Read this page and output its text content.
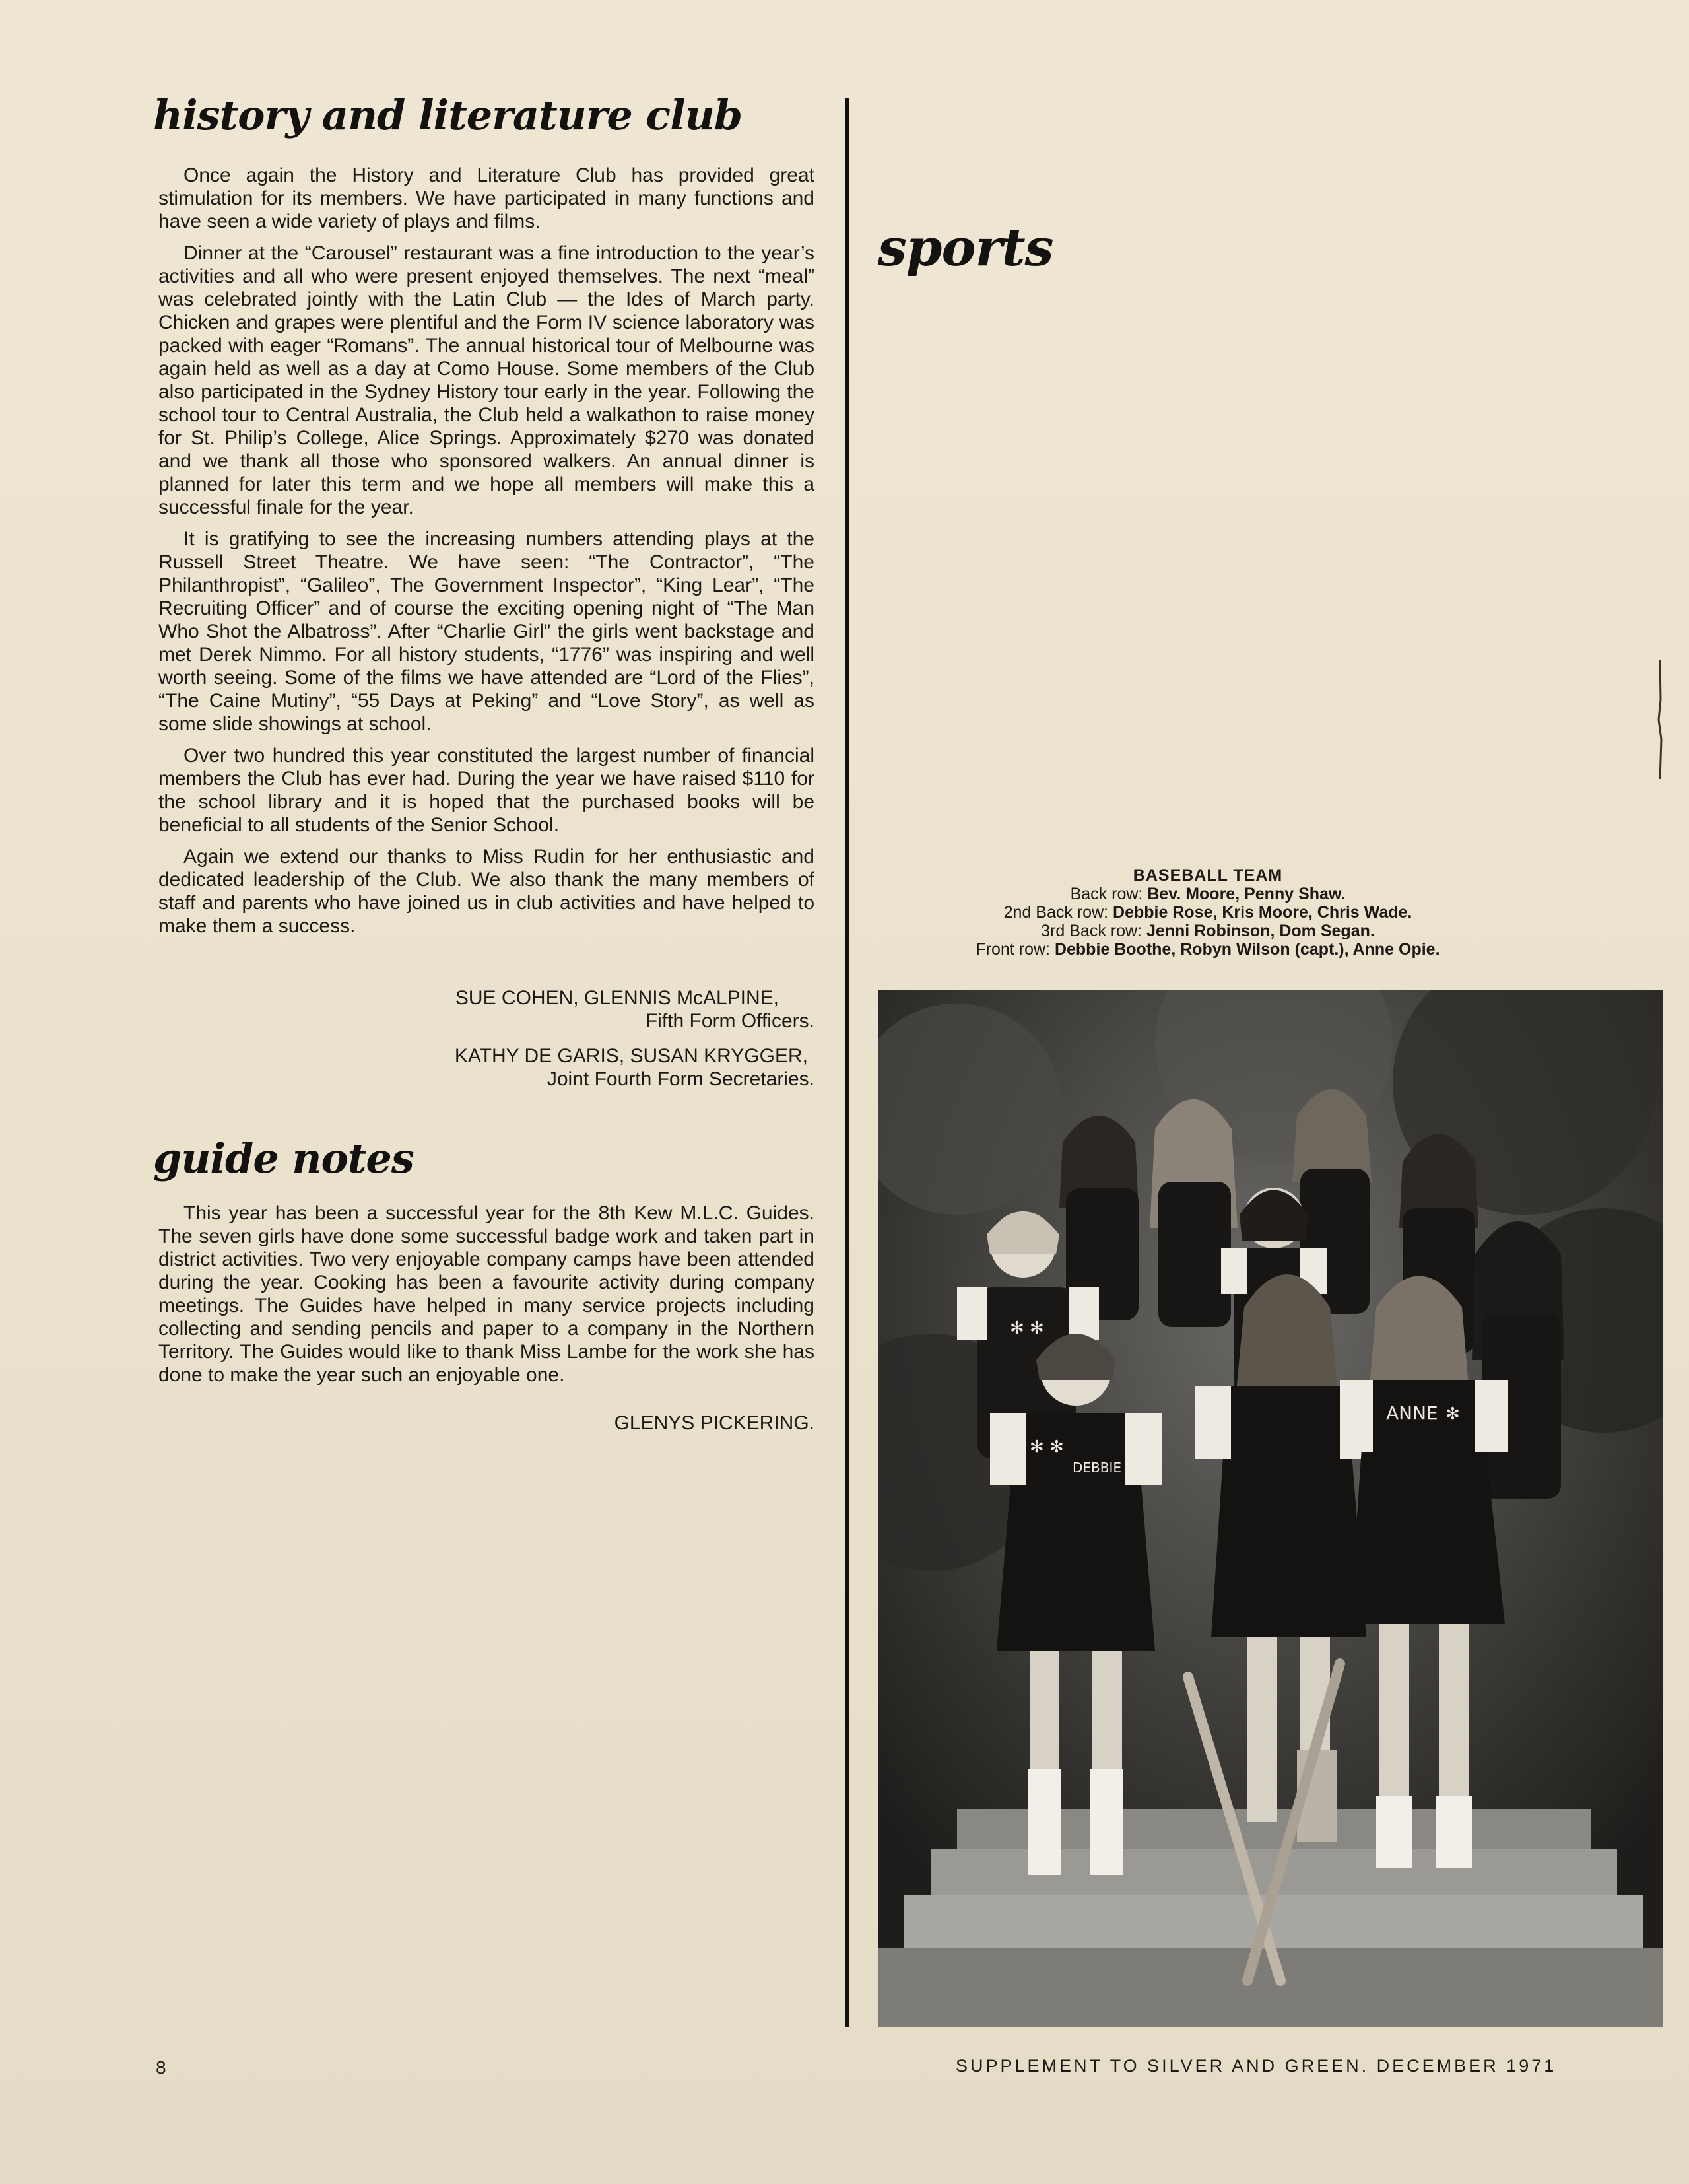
history and literature club

Once again the History and Literature Club has provided great stimulation for its members. We have participated in many functions and have seen a wide variety of plays and films.

Dinner at the “Carousel” restaurant was a fine introduction to the year’s activities and all who were present enjoyed themselves. The next “meal” was celebrated jointly with the Latin Club — the Ides of March party. Chicken and grapes were plentiful and the Form IV science laboratory was packed with eager “Romans”. The annual historical tour of Melbourne was again held as well as a day at Como House. Some members of the Club also participated in the Sydney History tour early in the year. Following the school tour to Central Australia, the Club held a walkathon to raise money for St. Philip’s College, Alice Springs. Approximately $270 was donated and we thank all those who sponsored walkers. An annual dinner is planned for later this term and we hope all members will make this a successful finale for the year.

It is gratifying to see the increasing numbers attending plays at the Russell Street Theatre. We have seen: “The Contractor”, “The Philanthropist”, “Galileo”, The Government Inspector”, “King Lear”, “The Recruiting Officer” and of course the exciting opening night of “The Man Who Shot the Albatross”. After “Charlie Girl” the girls went backstage and met Derek Nimmo. For all history students, “1776” was inspiring and well worth seeing. Some of the films we have attended are “Lord of the Flies”, “The Caine Mutiny”, “55 Days at Peking” and “Love Story”, as well as some slide showings at school.

Over two hundred this year constituted the largest number of financial members the Club has ever had. During the year we have raised $110 for the school library and it is hoped that the purchased books will be beneficial to all students of the Senior School.

Again we extend our thanks to Miss Rudin for her enthusiastic and dedicated leadership of the Club. We also thank the many members of staff and parents who have joined us in club activities and have helped to make them a success.

SUE COHEN, GLENNIS McALPINE,

Fifth Form Officers.

KATHY DE GARIS, SUSAN KRYGGER,

Joint Fourth Form Secretaries.

guide notes

This year has been a successful year for the 8th Kew M.L.C. Guides. The seven girls have done some successful badge work and taken part in district activities. Two very enjoyable company camps have been attended during the year. Cooking has been a favourite activity during company meetings. The Guides have helped in many service projects including collecting and sending pencils and paper to a company in the Northern Territory. The Guides would like to thank Miss Lambe for the work she has done to make the year such an enjoyable one.

GLENYS PICKERING.

sports
BASEBALL TEAM
Back row: Bev. Moore, Penny Shaw.
2nd Back row: Debbie Rose, Kris Moore, Chris Wade.
3rd Back row: Jenni Robinson, Dom Segan.
Front row: Debbie Boothe, Robyn Wilson (capt.), Anne Opie.
✻ ✻
✻ ✻
DEBBIE
ANNE ✻
8	SUPPLEMENT TO SILVER AND GREEN. DECEMBER 1971
